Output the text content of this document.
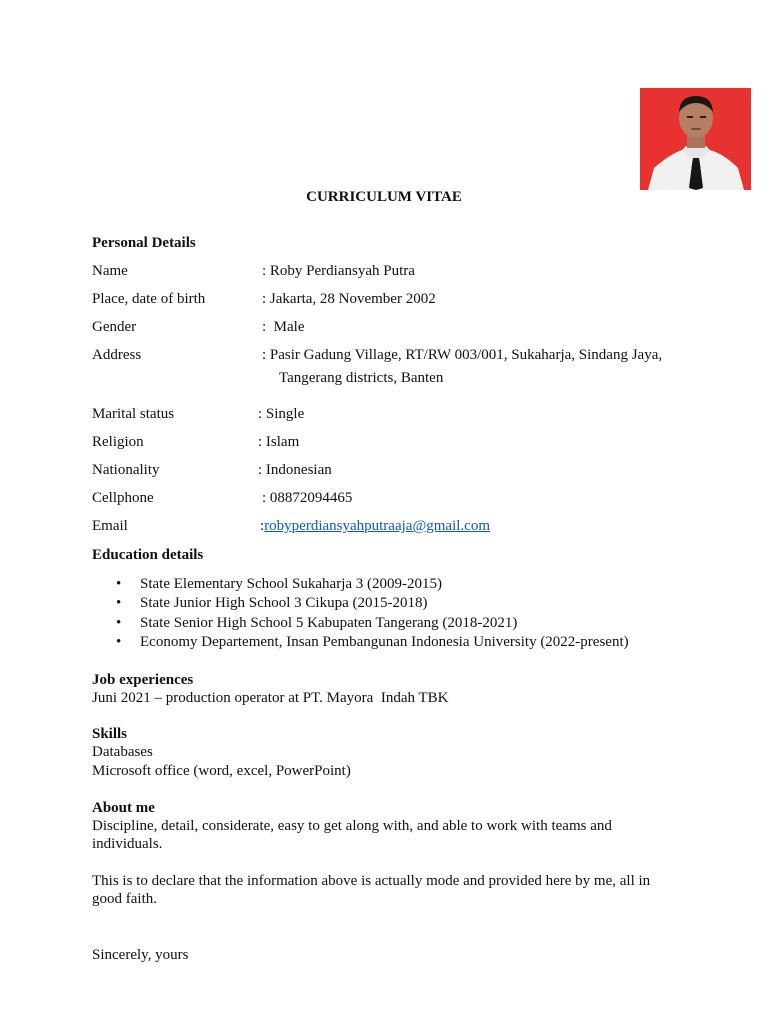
CURRICULUM VITAE
Personal Details
Name	: Roby Perdiansyah Putra
Place, date of birth	: Jakarta, 28 November 2002
Gender	:  Male
Address	: Pasir Gadung Village, RT/RW 003/001, Sukaharja, Sindang Jaya,
Tangerang districts, Banten
Marital status	: Single
Religion	: Islam
Nationality	: Indonesian
Cellphone	: 08872094465
Email	:robyperdiansyahputraaja@gmail.com
Education details
• State Elementary School Sukaharja 3 (2009-2015)
• State Junior High School 3 Cikupa (2015-2018)
• State Senior High School 5 Kabupaten Tangerang (2018-2021)
• Economy Departement, Insan Pembangunan Indonesia University (2022-present)
Job experiences
Juni 2021 – production operator at PT. Mayora  Indah TBK
Skills
Databases
Microsoft office (word, excel, PowerPoint)
About me
Discipline, detail, considerate, easy to get along with, and able to work with teams and
individuals.
This is to declare that the information above is actually mode and provided here by me, all in
good faith.
Sincerely, yours
